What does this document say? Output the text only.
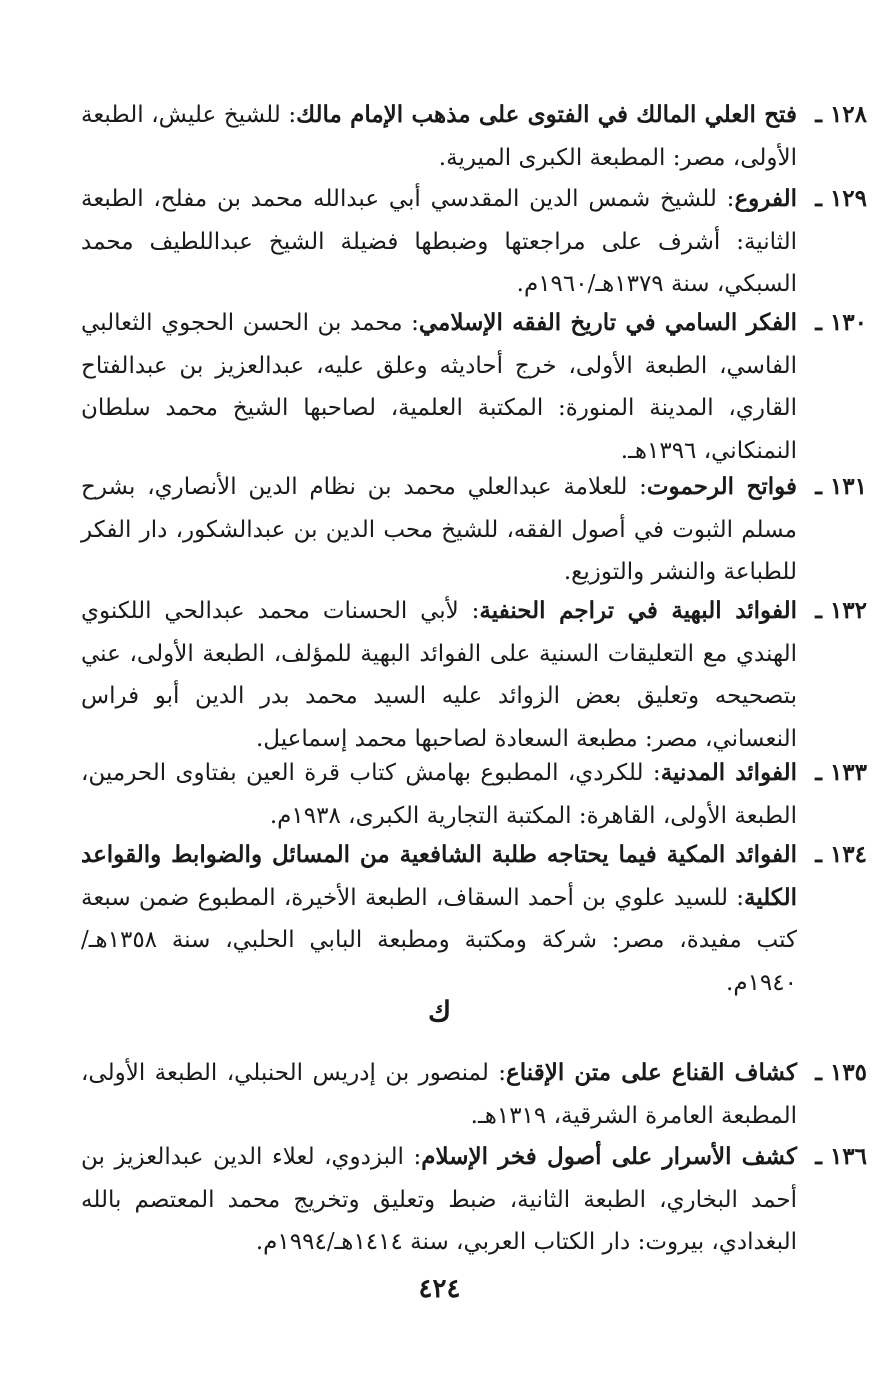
١٢٨ ـ

فتح العلي المالك في الفتوى على مذهب الإمام مالك: للشيخ عليش، الطبعة الأولى، مصر: المطبعة الكبرى الميرية.

١٢٩ ـ

الفروع: للشيخ شمس الدين المقدسي أبي عبدالله محمد بن مفلح، الطبعة الثانية: أشرف على مراجعتها وضبطها فضيلة الشيخ عبداللطيف محمد السبكي، سنة ١٣٧٩هـ/١٩٦٠م.

١٣٠ ـ

الفكر السامي في تاريخ الفقه الإسلامي: محمد بن الحسن الحجوي الثعالبي الفاسي، الطبعة الأولى، خرج أحاديثه وعلق عليه، عبدالعزيز بن عبدالفتاح القاري، المدينة المنورة: المكتبة العلمية، لصاحبها الشيخ محمد سلطان النمنكاني، ١٣٩٦هـ.

١٣١ ـ

فواتح الرحموت: للعلامة عبدالعلي محمد بن نظام الدين الأنصاري، بشرح مسلم الثبوت في أصول الفقه، للشيخ محب الدين بن عبدالشكور، دار الفكر للطباعة والنشر والتوزيع.

١٣٢ ـ

الفوائد البهية في تراجم الحنفية: لأبي الحسنات محمد عبدالحي اللكنوي الهندي مع التعليقات السنية على الفوائد البهية للمؤلف، الطبعة الأولى، عني بتصحيحه وتعليق بعض الزوائد عليه السيد محمد بدر الدين أبو فراس النعساني، مصر: مطبعة السعادة لصاحبها محمد إسماعيل.

١٣٣ ـ

الفوائد المدنية: للكردي، المطبوع بهامش كتاب قرة العين بفتاوى الحرمين، الطبعة الأولى، القاهرة: المكتبة التجارية الكبرى، ١٩٣٨م.

١٣٤ ـ

الفوائد المكية فيما يحتاجه طلبة الشافعية من المسائل والضوابط والقواعد الكلية: للسيد علوي بن أحمد السقاف، الطبعة الأخيرة، المطبوع ضمن سبعة كتب مفيدة، مصر: شركة ومكتبة ومطبعة البابي الحلبي، سنة ١٣٥٨هـ/١٩٤٠م.

ك
١٣٥ ـ

كشاف القناع على متن الإقناع: لمنصور بن إدريس الحنبلي، الطبعة الأولى، المطبعة العامرة الشرقية، ١٣١٩هـ.

١٣٦ ـ

كشف الأسرار على أصول فخر الإسلام: البزدوي، لعلاء الدين عبدالعزيز بن أحمد البخاري، الطبعة الثانية، ضبط وتعليق وتخريج محمد المعتصم بالله البغدادي، بيروت: دار الكتاب العربي، سنة ١٤١٤هـ/١٩٩٤م.

٤٢٤
